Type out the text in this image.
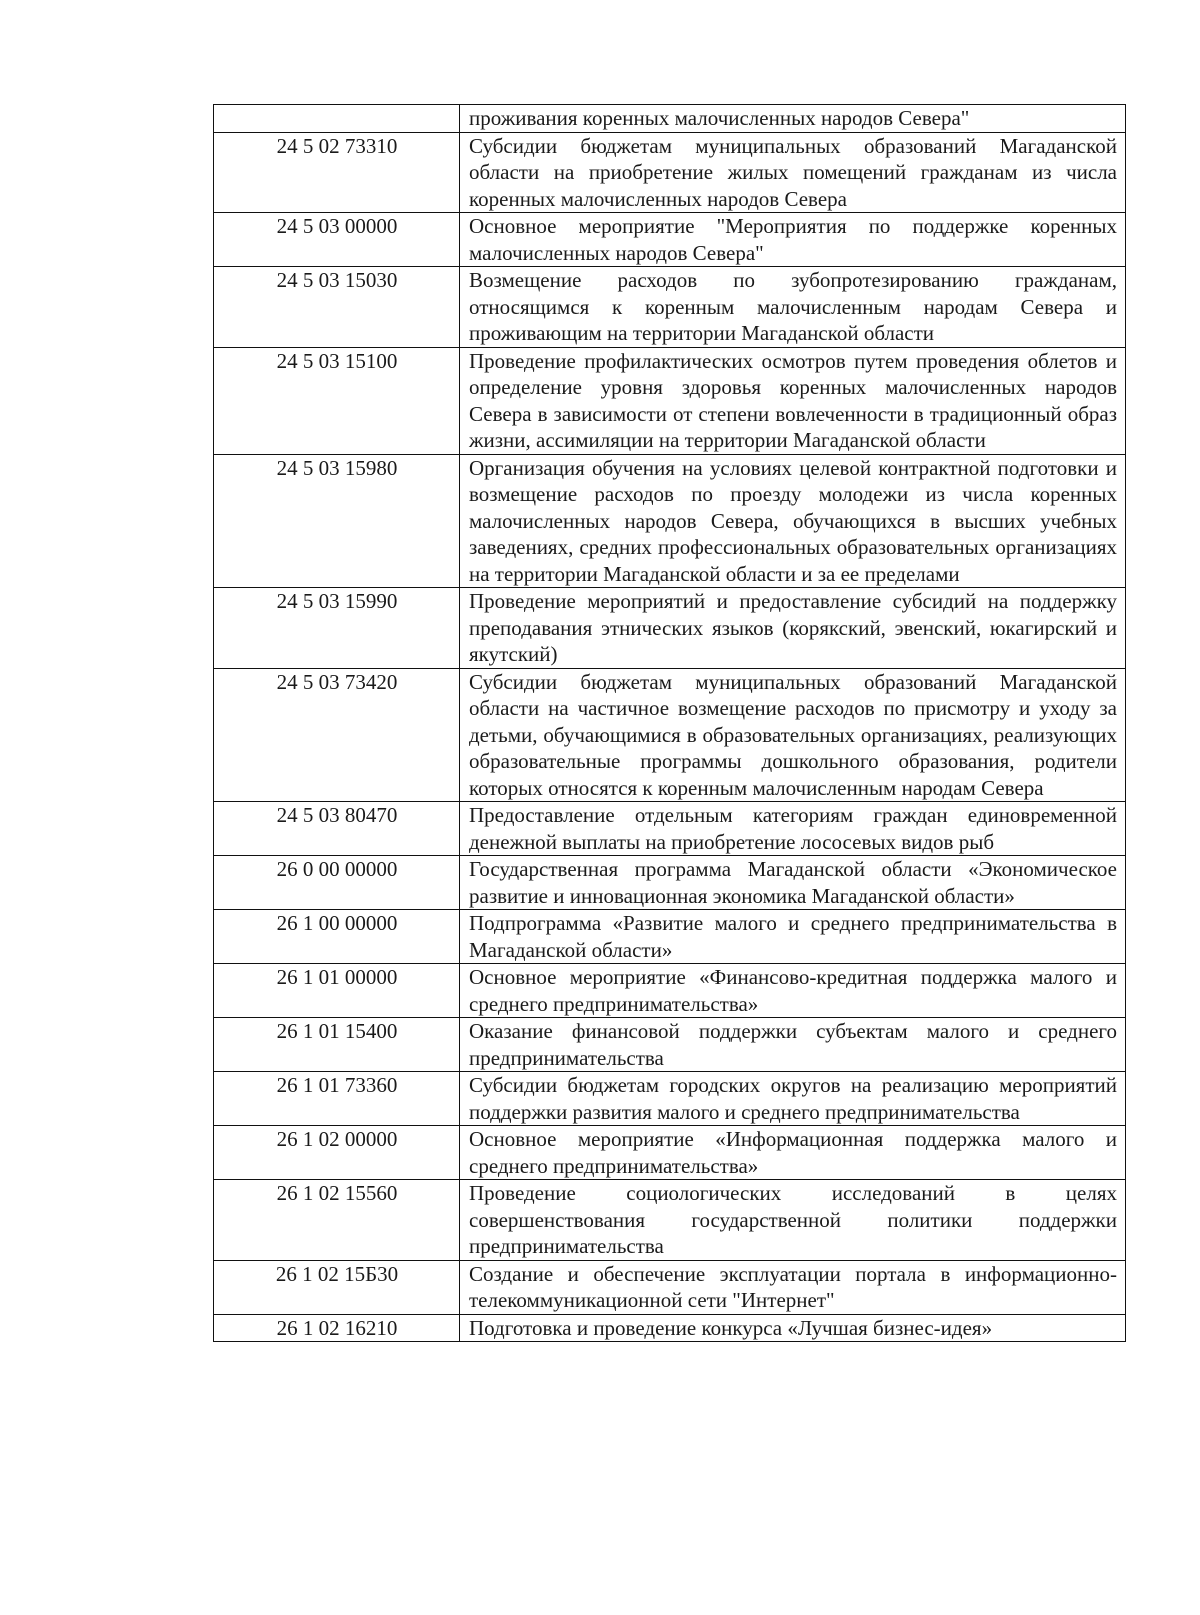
	проживания коренных малочисленных народов Севера"
24 5 02 73310	Субсидии бюджетам муниципальных образований Магаданской области на приобретение жилых помещений гражданам из числа коренных малочисленных народов Севера
24 5 03 00000	Основное мероприятие "Мероприятия по поддержке коренных малочисленных народов Севера"
24 5 03 15030	Возмещение расходов по зубопротезированию гражданам, относящимся к коренным малочисленным народам Севера и проживающим на территории Магаданской области
24 5 03 15100	Проведение профилактических осмотров путем проведения облетов и определение уровня здоровья коренных малочисленных народов Севера в зависимости от степени вовлеченности в традиционный образ жизни, ассимиляции на территории Магаданской области
24 5 03 15980	Организация обучения на условиях целевой контрактной подготовки и возмещение расходов по проезду молодежи из числа коренных малочисленных народов Севера, обучающихся в высших учебных заведениях, средних профессиональных образовательных организациях на территории Магаданской области и за ее пределами
24 5 03 15990	Проведение мероприятий и предоставление субсидий на поддержку преподавания этнических языков (корякский, эвенский, юкагирский и якутский)
24 5 03 73420	Субсидии бюджетам муниципальных образований Магаданской области на частичное возмещение расходов по присмотру и уходу за детьми, обучающимися в образовательных организациях, реализующих образовательные программы дошкольного образования, родители которых относятся к коренным малочисленным народам Севера
24 5 03 80470	Предоставление отдельным категориям граждан единовременной денежной выплаты на приобретение лососевых видов рыб
26 0 00 00000	Государственная программа Магаданской области «Экономическое развитие и инновационная экономика Магаданской области»
26 1 00 00000	Подпрограмма «Развитие малого и среднего предпринимательства в Магаданской области»
26 1 01 00000	Основное мероприятие «Финансово-кредитная поддержка малого и среднего предпринимательства»
26 1 01 15400	Оказание финансовой поддержки субъектам малого и среднего предпринимательства
26 1 01 73360	Субсидии бюджетам городских округов на реализацию мероприятий поддержки развития малого и среднего предпринимательства
26 1 02 00000	Основное мероприятие «Информационная поддержка малого и среднего предпринимательства»
26 1 02 15560	Проведение социологических исследований в целях совершенствования государственной политики поддержки предпринимательства
26 1 02 15Б30	Создание и обеспечение эксплуатации портала в информационно-телекоммуникационной сети "Интернет"
26 1 02 16210	Подготовка и проведение конкурса «Лучшая бизнес-идея»
